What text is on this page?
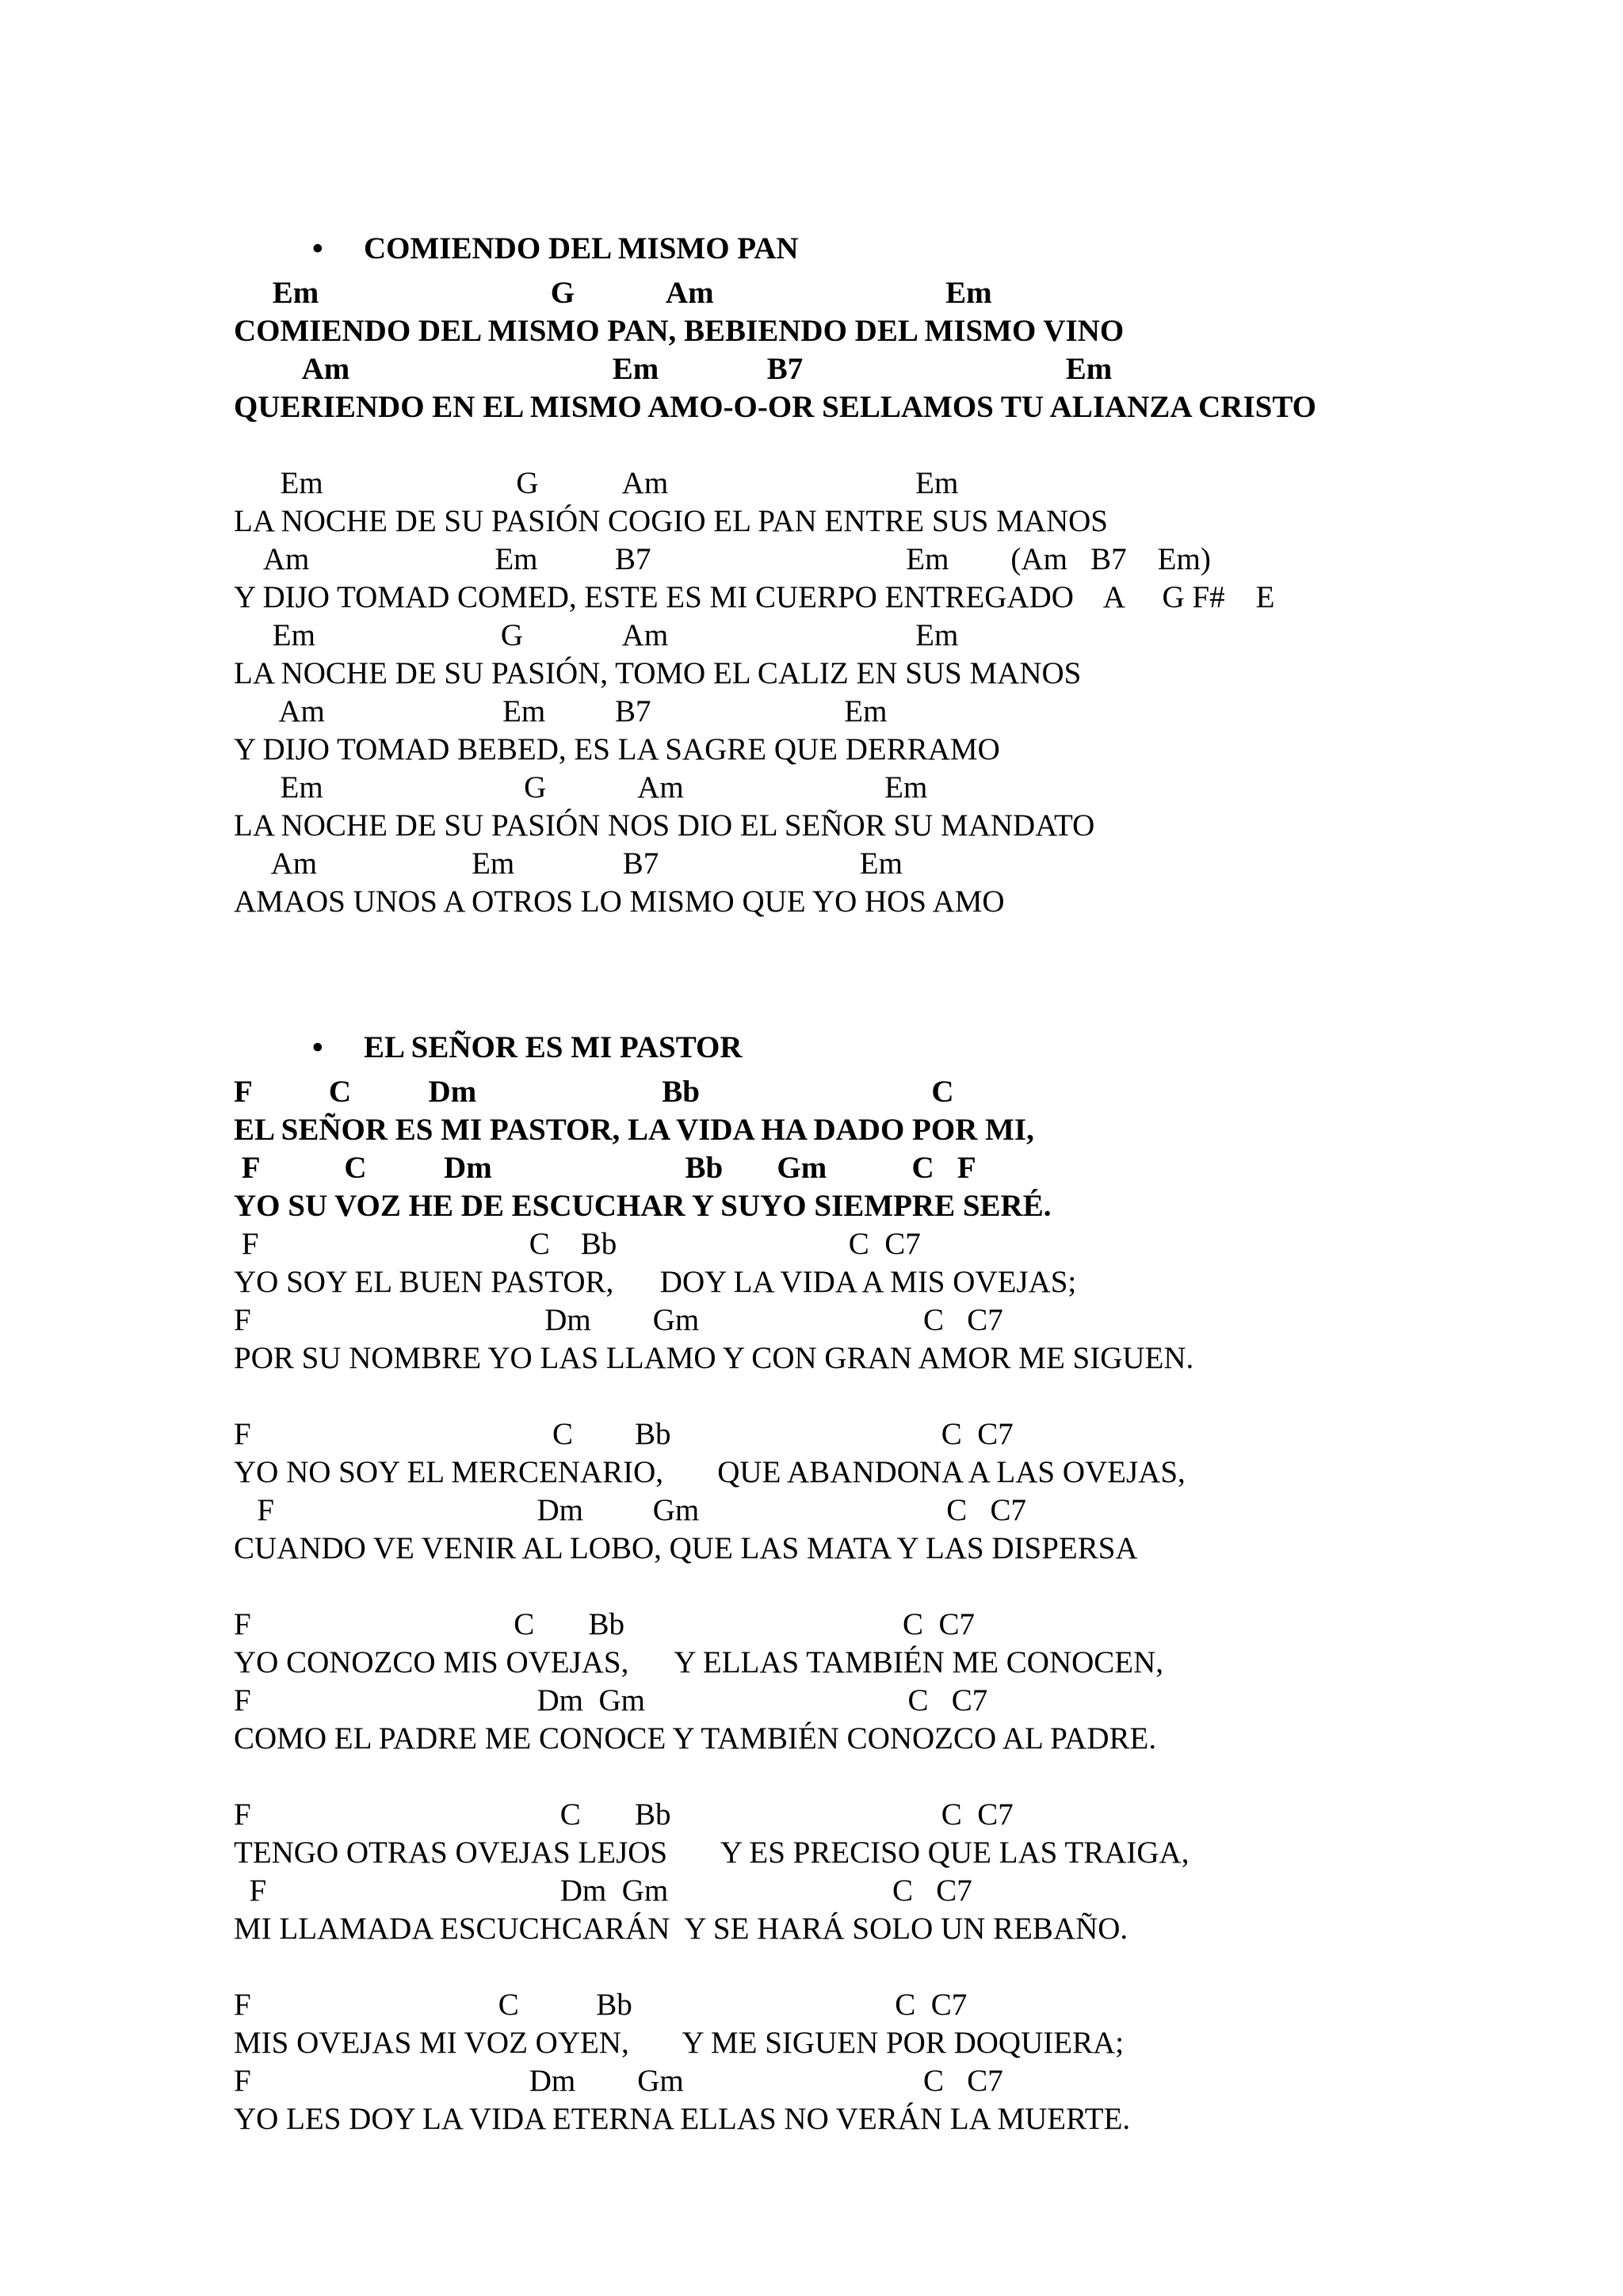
• COMIENDO DEL MISMO PAN

Em                              G            Am                              Em
COMIENDO DEL MISMO PAN, BEBIENDO DEL MISMO VINO
Am                                  Em              B7                                  Em
QUERIENDO EN EL MISMO AMO-O-OR SELLAMOS TU ALIANZA CRISTO
Em                         G           Am                                Em
LA NOCHE DE SU PASIÓN COGIO EL PAN ENTRE SUS MANOS
Am                        Em          B7                                 Em        (Am   B7    Em)
Y DIJO TOMAD COMED, ESTE ES MI CUERPO ENTREGADO    A     G F#    E
Em                        G             Am                                Em
LA NOCHE DE SU PASIÓN, TOMO EL CALIZ EN SUS MANOS
Am                       Em         B7                         Em
Y DIJO TOMAD BEBED, ES LA SAGRE QUE DERRAMO
Em                          G            Am                          Em
LA NOCHE DE SU PASIÓN NOS DIO EL SEÑOR SU MANDATO
Am                    Em              B7                          Em
AMAOS UNOS A OTROS LO MISMO QUE YO HOS AMO

• EL SEÑOR ES MI PASTOR

F          C          Dm                        Bb                              C
EL SEÑOR ES MI PASTOR, LA VIDA HA DADO POR MI,
F           C          Dm                         Bb       Gm           C   F
YO SU VOZ HE DE ESCUCHAR Y SUYO SIEMPRE SERÉ.
F                                   C    Bb                              C  C7
YO SOY EL BUEN PASTOR,      DOY LA VIDA A MIS OVEJAS;
F                                      Dm        Gm                             C   C7
POR SU NOMBRE YO LAS LLAMO Y CON GRAN AMOR ME SIGUEN.
F                                       C        Bb                                   C  C7
YO NO SOY EL MERCENARIO,       QUE ABANDONA A LAS OVEJAS,
F                                  Dm         Gm                                C   C7
CUANDO VE VENIR AL LOBO, QUE LAS MATA Y LAS DISPERSA
F                                  C       Bb                                    C  C7
YO CONOZCO MIS OVEJAS,      Y ELLAS TAMBIÉN ME CONOCEN,
F                                     Dm  Gm                                  C   C7
COMO EL PADRE ME CONOCE Y TAMBIÉN CONOZCO AL PADRE.
F                                        C       Bb                                   C  C7
TENGO OTRAS OVEJAS LEJOS       Y ES PRECISO QUE LAS TRAIGA,
F                                      Dm  Gm                             C   C7
MI LLAMADA ESCUCHCARÁN  Y SE HARÁ SOLO UN REBAÑO.
F                                C          Bb                                  C  C7
MIS OVEJAS MI VOZ OYEN,       Y ME SIGUEN POR DOQUIERA;
F                                    Dm        Gm                               C   C7
YO LES DOY LA VIDA ETERNA ELLAS NO VERÁN LA MUERTE.
